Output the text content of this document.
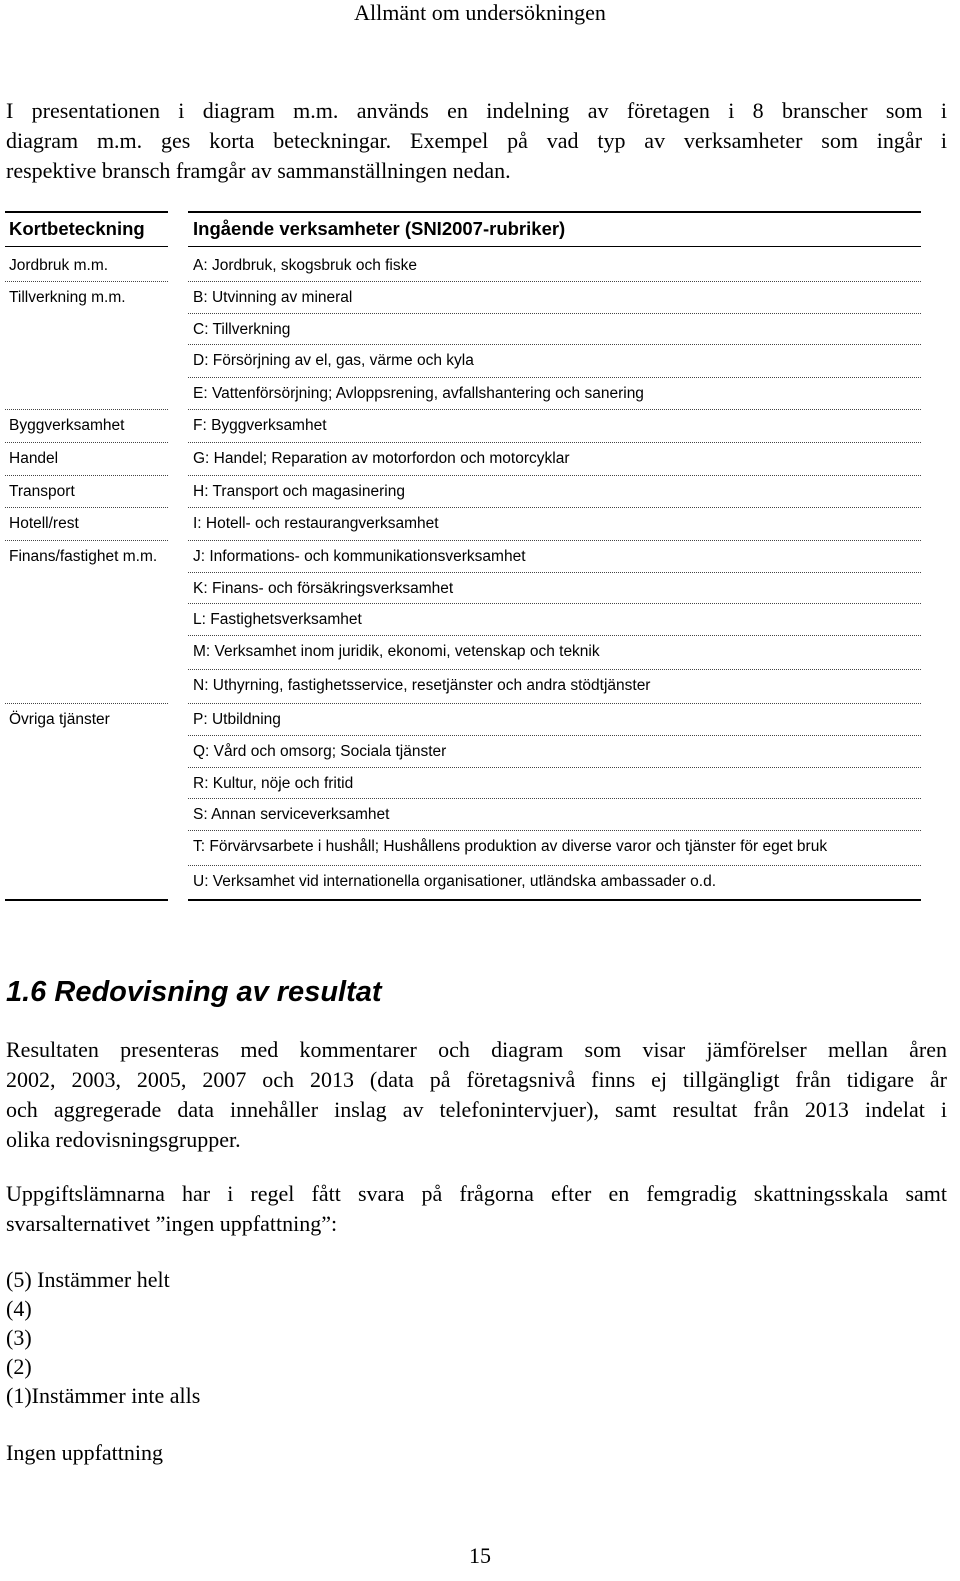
Allmänt om undersökningen
I presentationen i diagram m.m. används en indelning av företagen i 8 branscher som i
diagram m.m. ges korta beteckningar. Exempel på vad typ av verksamheter som ingår i
respektive bransch framgår av sammanställningen nedan.
Kortbeteckning	Ingående verksamheter (SNI2007-rubriker)
Jordbruk m.m.	A: Jordbruk, skogsbruk och fiske
Tillverkning m.m.	B: Utvinning av mineral
C: Tillverkning
D: Försörjning av el, gas, värme och kyla
E: Vattenförsörjning; Avloppsrening, avfallshantering och sanering
Byggverksamhet	F: Byggverksamhet
Handel	G: Handel; Reparation av motorfordon och motorcyklar
Transport	H: Transport och magasinering
Hotell/rest	I: Hotell- och restaurangverksamhet
Finans/fastighet m.m. J: Informations- och kommunikationsverksamhet
K: Finans- och försäkringsverksamhet
L: Fastighetsverksamhet
M: Verksamhet inom juridik, ekonomi, vetenskap och teknik
N: Uthyrning, fastighetsservice, resetjänster och andra stödtjänster
Övriga tjänster	P: Utbildning
Q: Vård och omsorg; Sociala tjänster
R: Kultur, nöje och fritid
S: Annan serviceverksamhet
T: Förvärvsarbete i hushåll; Hushållens produktion av diverse varor och tjänster för eget bruk
U: Verksamhet vid internationella organisationer, utländska ambassader o.d.
1.6 Redovisning av resultat
Resultaten presenteras med kommentarer och diagram som visar jämförelser mellan åren
2002, 2003, 2005, 2007 och 2013 (data på företagsnivå finns ej tillgängligt från tidigare år
och aggregerade data innehåller inslag av telefonintervjuer), samt resultat från 2013 indelat i
olika redovisningsgrupper.
Uppgiftslämnarna har i regel fått svara på frågorna efter en femgradig skattningsskala samt
svarsalternativet ”ingen uppfattning”:
(5) Instämmer helt
(4)
(3)
(2)
(1)Instämmer inte alls
Ingen uppfattning
15
